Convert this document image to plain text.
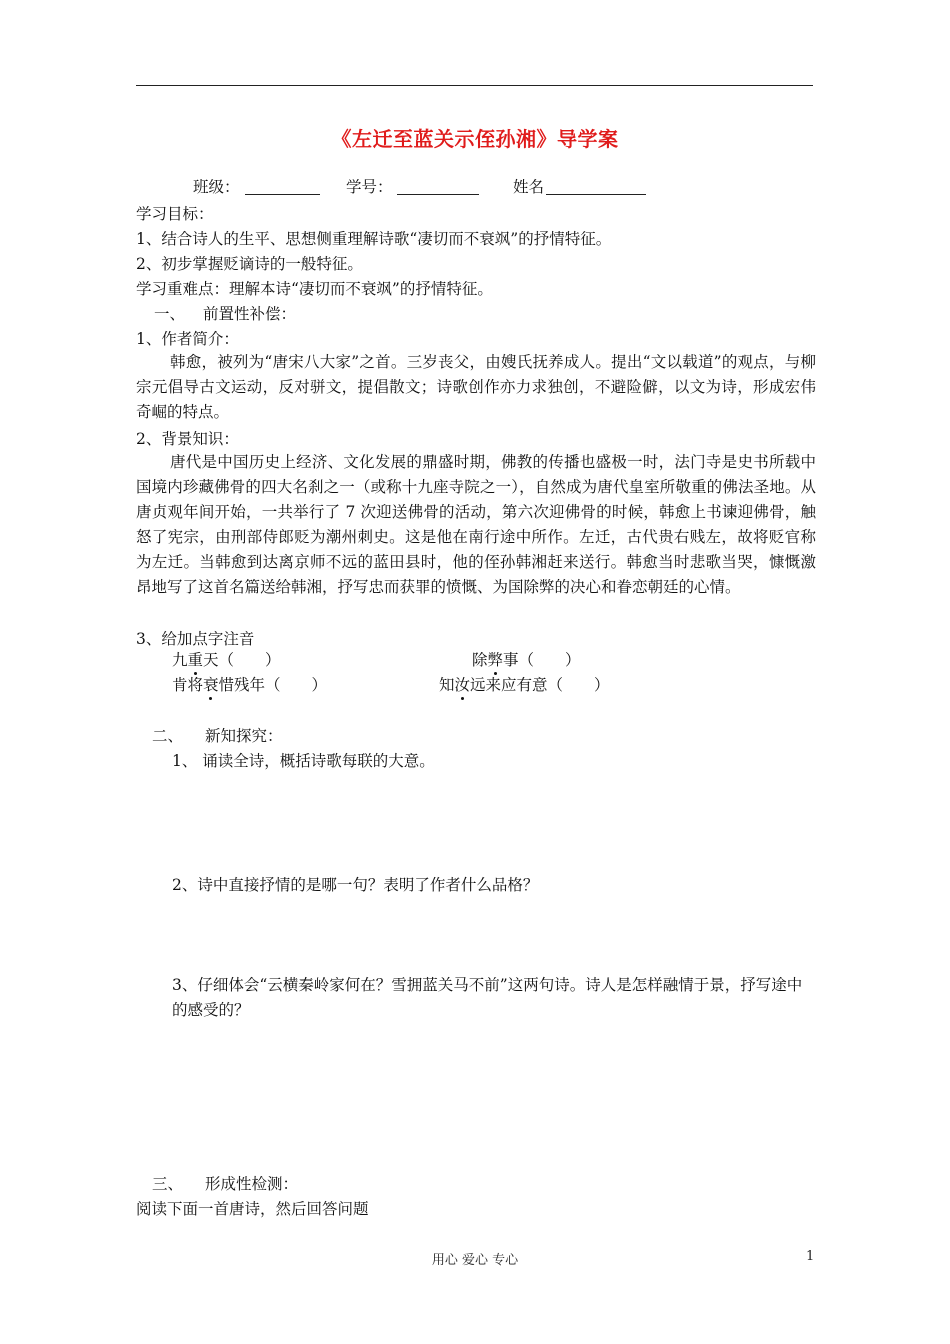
《左迁至蓝关示侄孙湘》导学案
班级：	学号：	姓名
学习目标：
1、结合诗人的生平、思想侧重理解诗歌“凄切而不衰飒”的抒情特征。
2、初步掌握贬谪诗的一般特征。
学习重难点：理解本诗“凄切而不衰飒”的抒情特征。
一、 前置性补偿：
1、作者简介：
韩愈，被列为“唐宋八大家”之首。三岁丧父，由嫂氏抚养成人。提出“文以载道”的观点，与柳宗元倡导古文运动，反对骈文，提倡散文；诗歌创作亦力求独创，不避险僻，以文为诗，形成宏伟奇崛的特点。
2、背景知识：
唐代是中国历史上经济、文化发展的鼎盛时期，佛教的传播也盛极一时，法门寺是史书所载中国境内珍藏佛骨的四大名刹之一（或称十九座寺院之一），自然成为唐代皇室所敬重的佛法圣地。从唐贞观年间开始，一共举行了 7 次迎送佛骨的活动，第六次迎佛骨的时候，韩愈上书谏迎佛骨，触怒了宪宗，由刑部侍郎贬为潮州刺史。这是他在南行途中所作。左迁，古代贵右贱左，故将贬官称为左迁。当韩愈到达离京师不远的蓝田县时，他的侄孙韩湘赶来送行。韩愈当时悲歌当哭，慷慨激昂地写了这首名篇送给韩湘，抒写忠而获罪的愤慨、为国除弊的决心和眷恋朝廷的心情。
3、给加点字注音
九重天（　　）	除弊事（　　）
肯将衰惜残年（　　）	知汝远来应有意（　　）
二、 新知探究：
1、 诵读全诗，概括诗歌每联的大意。
2、诗中直接抒情的是哪一句？表明了作者什么品格？
3、仔细体会“云横秦岭家何在？雪拥蓝关马不前”这两句诗。诗人是怎样融情于景，抒写途中的感受的？
三、 形成性检测：
阅读下面一首唐诗，然后回答问题
用心 爱心 专心	1
